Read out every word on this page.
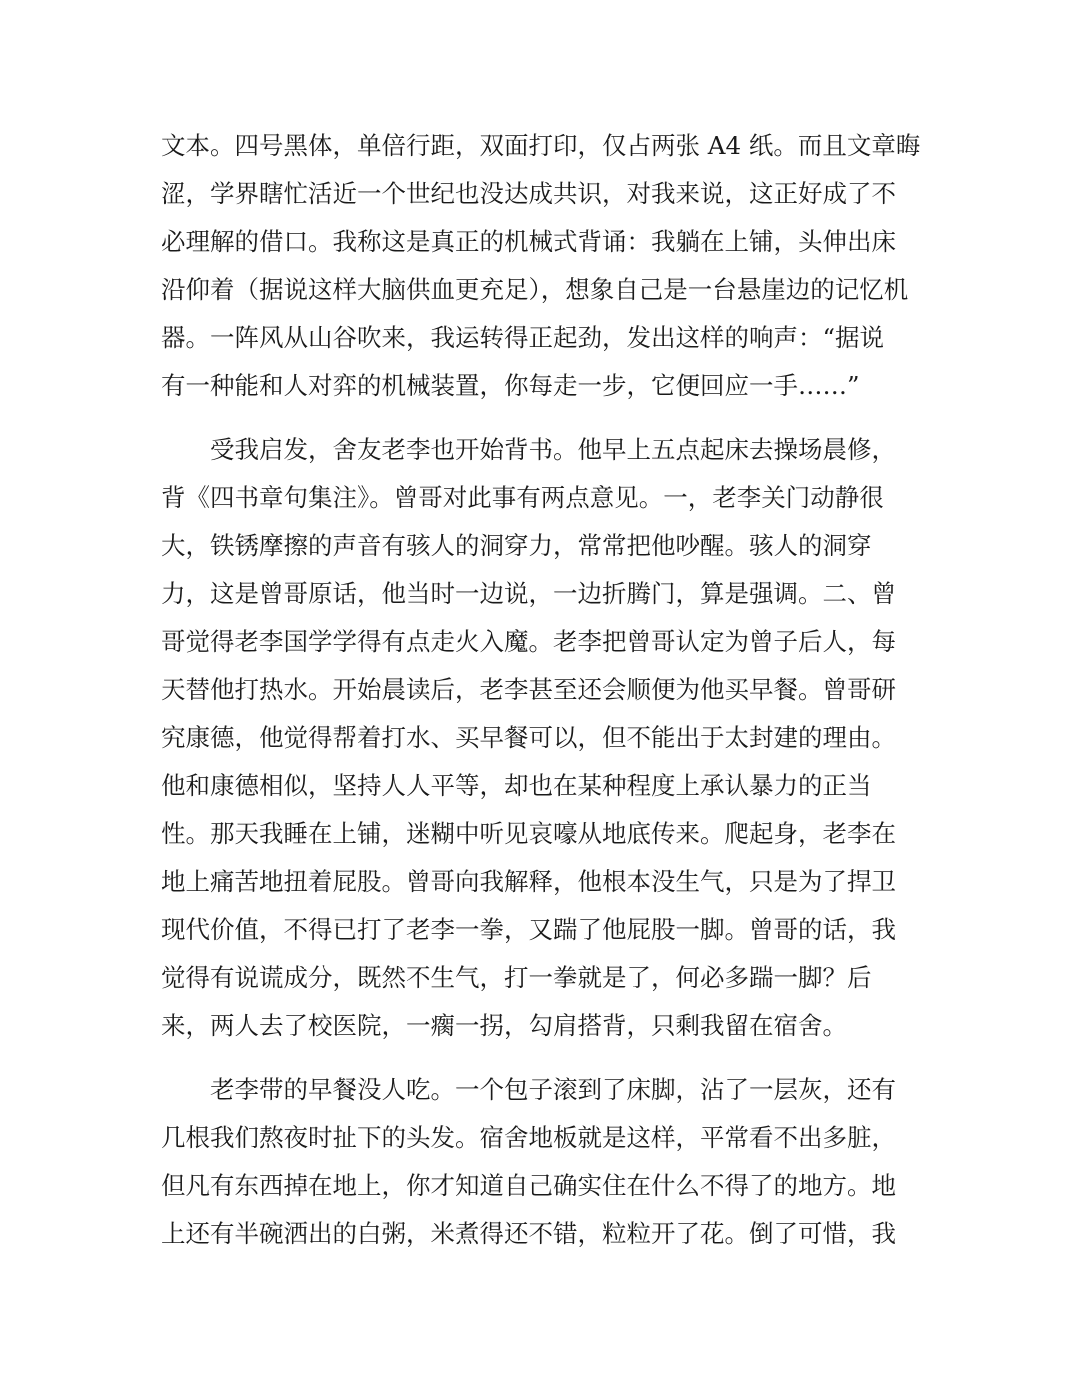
文本。四号黑体，单倍行距，双面打印，仅占两张 A4 纸。而且文章晦
涩，学界瞎忙活近一个世纪也没达成共识，对我来说，这正好成了不
必理解的借口。我称这是真正的机械式背诵：我躺在上铺，头伸出床
沿仰着（据说这样大脑供血更充足），想象自己是一台悬崖边的记忆机
器。一阵风从山谷吹来，我运转得正起劲，发出这样的响声：“据说
有一种能和人对弈的机械装置，你每走一步，它便回应一手……”
　　受我启发，舍友老李也开始背书。他早上五点起床去操场晨修，
背《四书章句集注》。曾哥对此事有两点意见。一，老李关门动静很
大，铁锈摩擦的声音有骇人的洞穿力，常常把他吵醒。骇人的洞穿
力，这是曾哥原话，他当时一边说，一边折腾门，算是强调。二、曾
哥觉得老李国学学得有点走火入魔。老李把曾哥认定为曾子后人，每
天替他打热水。开始晨读后，老李甚至还会顺便为他买早餐。曾哥研
究康德，他觉得帮着打水、买早餐可以，但不能出于太封建的理由。
他和康德相似，坚持人人平等，却也在某种程度上承认暴力的正当
性。那天我睡在上铺，迷糊中听见哀嚎从地底传来。爬起身，老李在
地上痛苦地扭着屁股。曾哥向我解释，他根本没生气，只是为了捍卫
现代价值，不得已打了老李一拳，又踹了他屁股一脚。曾哥的话，我
觉得有说谎成分，既然不生气，打一拳就是了，何必多踹一脚？后
来，两人去了校医院，一瘸一拐，勾肩搭背，只剩我留在宿舍。
　　老李带的早餐没人吃。一个包子滚到了床脚，沾了一层灰，还有
几根我们熬夜时扯下的头发。宿舍地板就是这样，平常看不出多脏，
但凡有东西掉在地上，你才知道自己确实住在什么不得了的地方。地
上还有半碗洒出的白粥，米煮得还不错，粒粒开了花。倒了可惜，我
